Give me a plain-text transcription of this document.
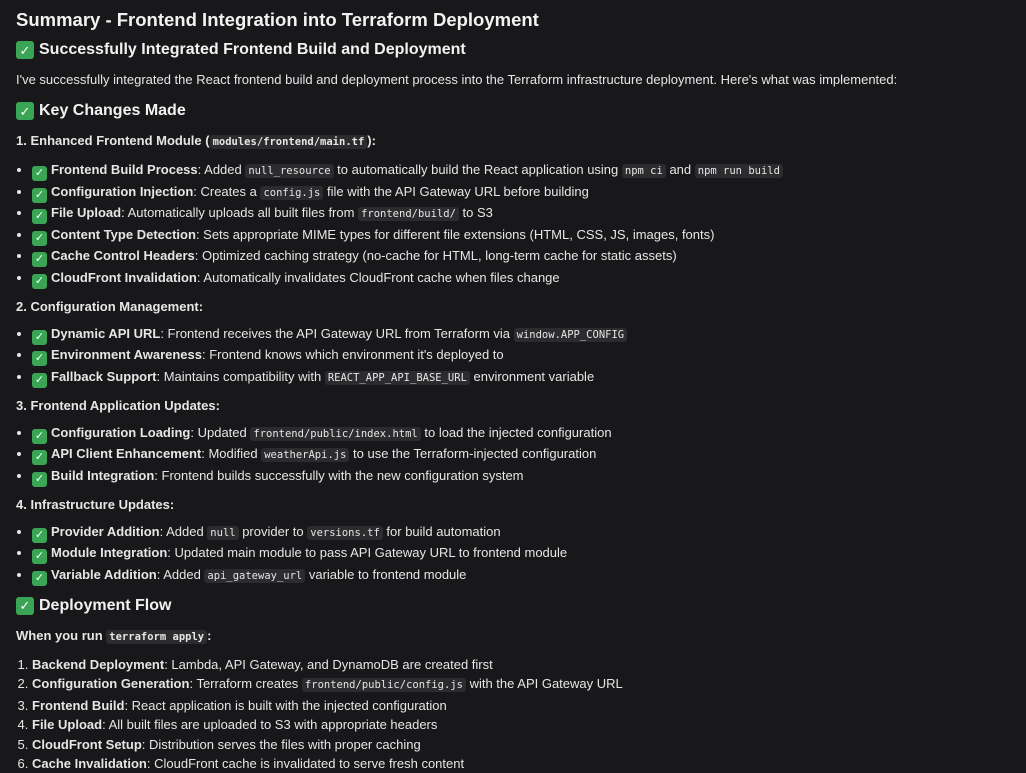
Summary - Frontend Integration into Terraform Deployment
✓ Successfully Integrated Frontend Build and Deployment

I've successfully integrated the React frontend build and deployment process into the Terraform infrastructure deployment. Here's what was implemented:

✓ Key Changes Made

1. Enhanced Frontend Module ( modules/frontend/main.tf ):

• ✓ Frontend Build Process: Added null_resource to automatically build the React application using npm ci and npm run build
• ✓ Configuration Injection: Creates a config.js file with the API Gateway URL before building
• ✓ File Upload: Automatically uploads all built files from frontend/build/ to S3
• ✓ Content Type Detection: Sets appropriate MIME types for different file extensions (HTML, CSS, JS, images, fonts)
• ✓ Cache Control Headers: Optimized caching strategy (no-cache for HTML, long-term cache for static assets)
• ✓ CloudFront Invalidation: Automatically invalidates CloudFront cache when files change

2. Configuration Management:

• ✓ Dynamic API URL: Frontend receives the API Gateway URL from Terraform via window.APP_CONFIG
• ✓ Environment Awareness: Frontend knows which environment it's deployed to
• ✓ Fallback Support: Maintains compatibility with REACT_APP_API_BASE_URL environment variable

3. Frontend Application Updates:

• ✓ Configuration Loading: Updated frontend/public/index.html to load the injected configuration
• ✓ API Client Enhancement: Modified weatherApi.js to use the Terraform-injected configuration
• ✓ Build Integration: Frontend builds successfully with the new configuration system

4. Infrastructure Updates:

• ✓ Provider Addition: Added null provider to versions.tf for build automation
• ✓ Module Integration: Updated main module to pass API Gateway URL to frontend module
• ✓ Variable Addition: Added api_gateway_url variable to frontend module
✓ Deployment Flow

When you run terraform apply :

1. Backend Deployment: Lambda, API Gateway, and DynamoDB are created first
2. Configuration Generation: Terraform creates frontend/public/config.js with the API Gateway URL
3. Frontend Build: React application is built with the injected configuration
4. File Upload: All built files are uploaded to S3 with appropriate headers
5. CloudFront Setup: Distribution serves the files with proper caching
6. Cache Invalidation: CloudFront cache is invalidated to serve fresh content
